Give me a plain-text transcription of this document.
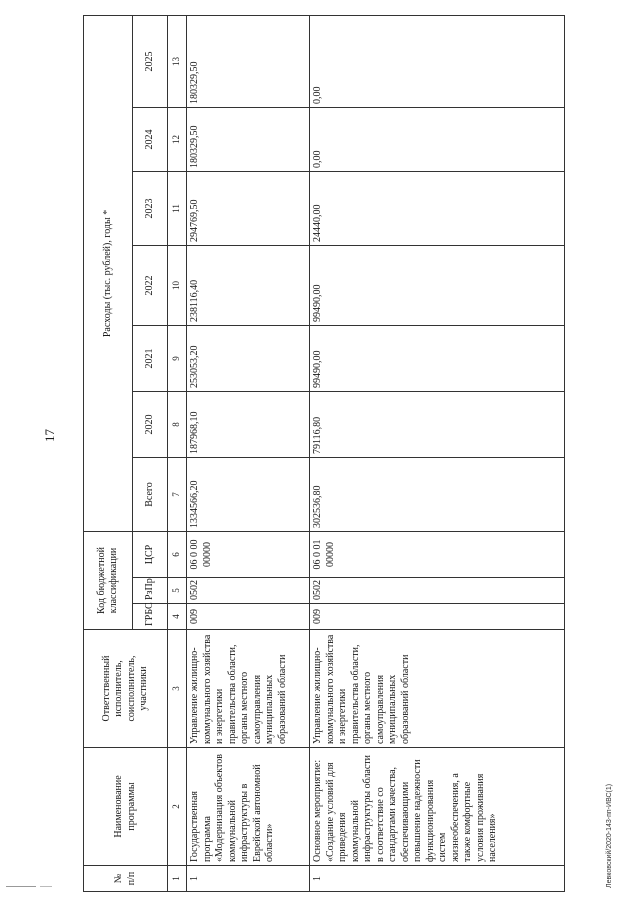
17
Левковский/2020-143-пп-ИВС(1)
№ п/п	Наименование программы	Ответственный исполнитель, соисполнитель, участники	Код бюджетной классификации			Расходы (тыс. рублей), годы *						
			ГРБС	РзПр	ЦСР	Всего	2020	2021	2022	2023	2024	2025
1	2	3	4	5	6	7	8	9	10	11	12	13
1	Государственная программа «Модернизация объектов коммунальной инфраструктуры в Еврейской автономной области»	Управление жилищно-коммунального хозяйства и энергетики правительства области, органы местного самоуправления муниципальных образований области	009	0502	06 0 00 00000	1334566,20	187968,10	253053,20	238116,40	294769,50	180329,50	180329,50
1	Основное мероприятие: «Создание условий для приведения коммунальной инфраструктуры области в соответствие со стандартами качества, обеспечивающими повышение надежности функционирования систем жизнеобеспечения, а также комфортные условия проживания населения»	Управление жилищно-коммунального хозяйства и энергетики правительства области, органы местного самоуправления муниципальных образований области	009	0502	06 0 01 00000	302536,80	79116,80	99490,00	99490,00	24440,00	0,00	0,00
